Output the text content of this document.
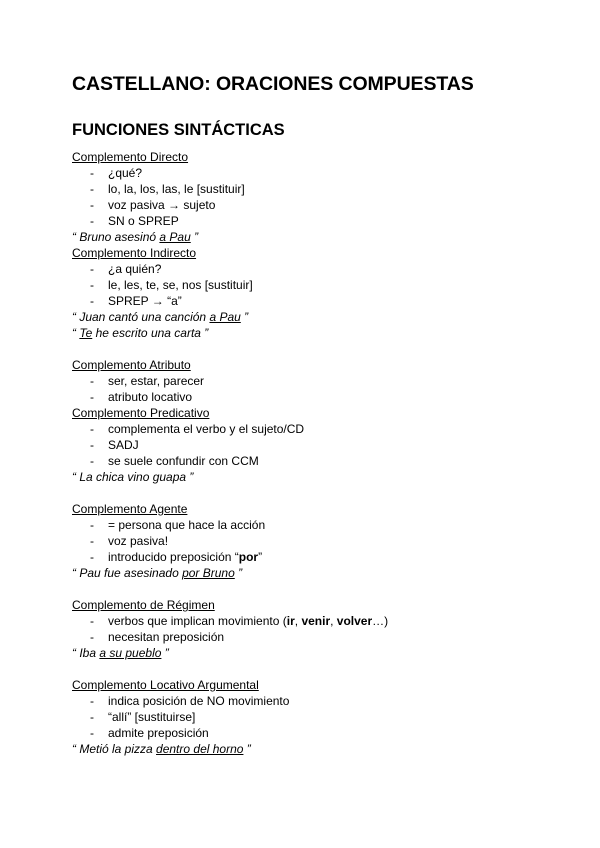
CASTELLANO: ORACIONES COMPUESTAS
FUNCIONES SINTÁCTICAS
Complemento Directo
- ¿qué?
- lo, la, los, las, le [sustituir]
- voz pasiva → sujeto
- SN o SPREP
“ Bruno asesinó a Pau ”
Complemento Indirecto
- ¿a quién?
- le, les, te, se, nos [sustituir]
- SPREP → “a”
“ Juan cantó una canción a Pau ”
“ Te he escrito una carta ”
Complemento Atributo
- ser, estar, parecer
- atributo locativo
Complemento Predicativo
- complementa el verbo y el sujeto/CD
- SADJ
- se suele confundir con CCM
“ La chica vino guapa ”
Complemento Agente
- = persona que hace la acción
- voz pasiva!
- introducido preposición “por”
“ Pau fue asesinado por Bruno ”
Complemento de Régimen
- verbos que implican movimiento (ir, venir, volver…)
- necesitan preposición
“ Iba a su pueblo ”
Complemento Locativo Argumental
- indica posición de NO movimiento
- “allí” [sustituirse]
- admite preposición
“ Metió la pizza dentro del horno ”
